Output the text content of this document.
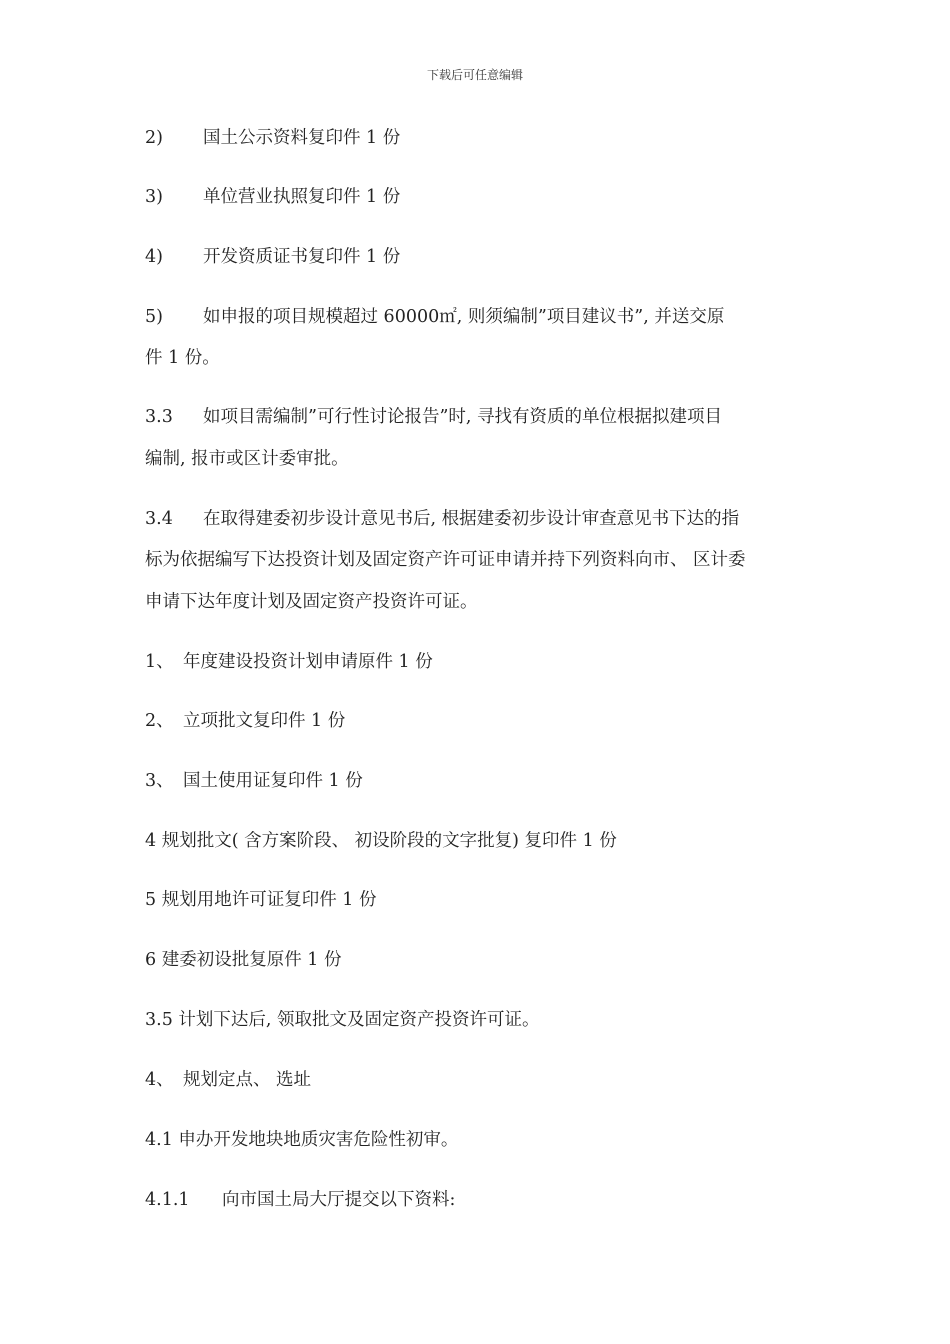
下载后可任意编辑
2) 国土公示资料复印件 1 份
3) 单位营业执照复印件 1 份
4) 开发资质证书复印件 1 份
5) 如申报的项目规模超过 60000㎡, 则须编制”项目建议书”, 并送交原
件 1 份。
3.3 如项目需编制”可行性讨论报告”时, 寻找有资质的单位根据拟建项目
编制, 报市或区计委审批。
3.4 在取得建委初步设计意见书后, 根据建委初步设计审查意见书下达的指
标为依据编写下达投资计划及固定资产许可证申请并持下列资料向市、 区计委
申请下达年度计划及固定资产投资许可证。
1、 年度建设投资计划申请原件 1 份
2、 立项批文复印件 1 份
3、 国土使用证复印件 1 份
4 规划批文( 含方案阶段、 初设阶段的文字批复) 复印件 1 份
5 规划用地许可证复印件 1 份
6 建委初设批复原件 1 份
3.5 计划下达后, 领取批文及固定资产投资许可证。
4、 规划定点、 选址
4.1 申办开发地块地质灾害危险性初审。
4.1.1 向市国土局大厅提交以下资料:
